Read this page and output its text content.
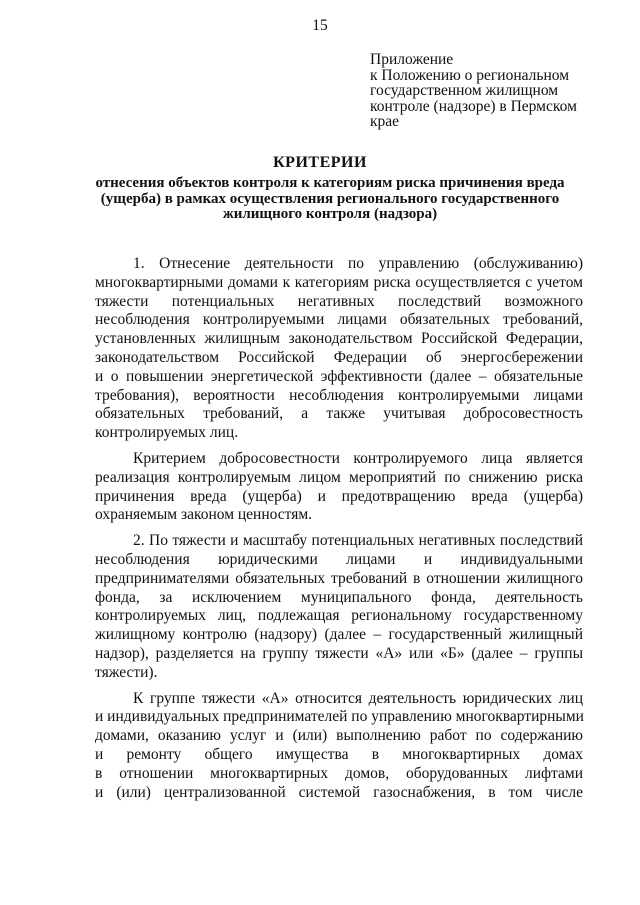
15
Приложение
к Положению о региональном
государственном жилищном
контроле (надзоре) в Пермском
крае
КРИТЕРИИ
отнесения объектов контроля к категориям риска причинения вреда
(ущерба) в рамках осуществления регионального государственного
жилищного контроля (надзора)
1. Отнесение деятельности по управлению (обслуживанию)
многоквартирными домами к категориям риска осуществляется с учетом
тяжести потенциальных негативных последствий возможного
несоблюдения контролируемыми лицами обязательных требований,
установленных жилищным законодательством Российской Федерации,
законодательством Российской Федерации об энергосбережении
и о повышении энергетической эффективности (далее – обязательные
требования), вероятности несоблюдения контролируемыми лицами
обязательных требований, а также учитывая добросовестность
контролируемых лиц.
Критерием добросовестности контролируемого лица является
реализация контролируемым лицом мероприятий по снижению риска
причинения вреда (ущерба) и предотвращению вреда (ущерба)
охраняемым законом ценностям.
2. По тяжести и масштабу потенциальных негативных последствий
несоблюдения юридическими лицами и индивидуальными
предпринимателями обязательных требований в отношении жилищного
фонда, за исключением муниципального фонда, деятельность
контролируемых лиц, подлежащая региональному государственному
жилищному контролю (надзору) (далее – государственный жилищный
надзор), разделяется на группу тяжести «А» или «Б» (далее – группы
тяжести).
К группе тяжести «А» относится деятельность юридических лиц
и индивидуальных предпринимателей по управлению многоквартирными
домами, оказанию услуг и (или) выполнению работ по содержанию
и ремонту общего имущества в многоквартирных домах
в отношении многоквартирных домов, оборудованных лифтами
и (или) централизованной системой газоснабжения, в том числе
